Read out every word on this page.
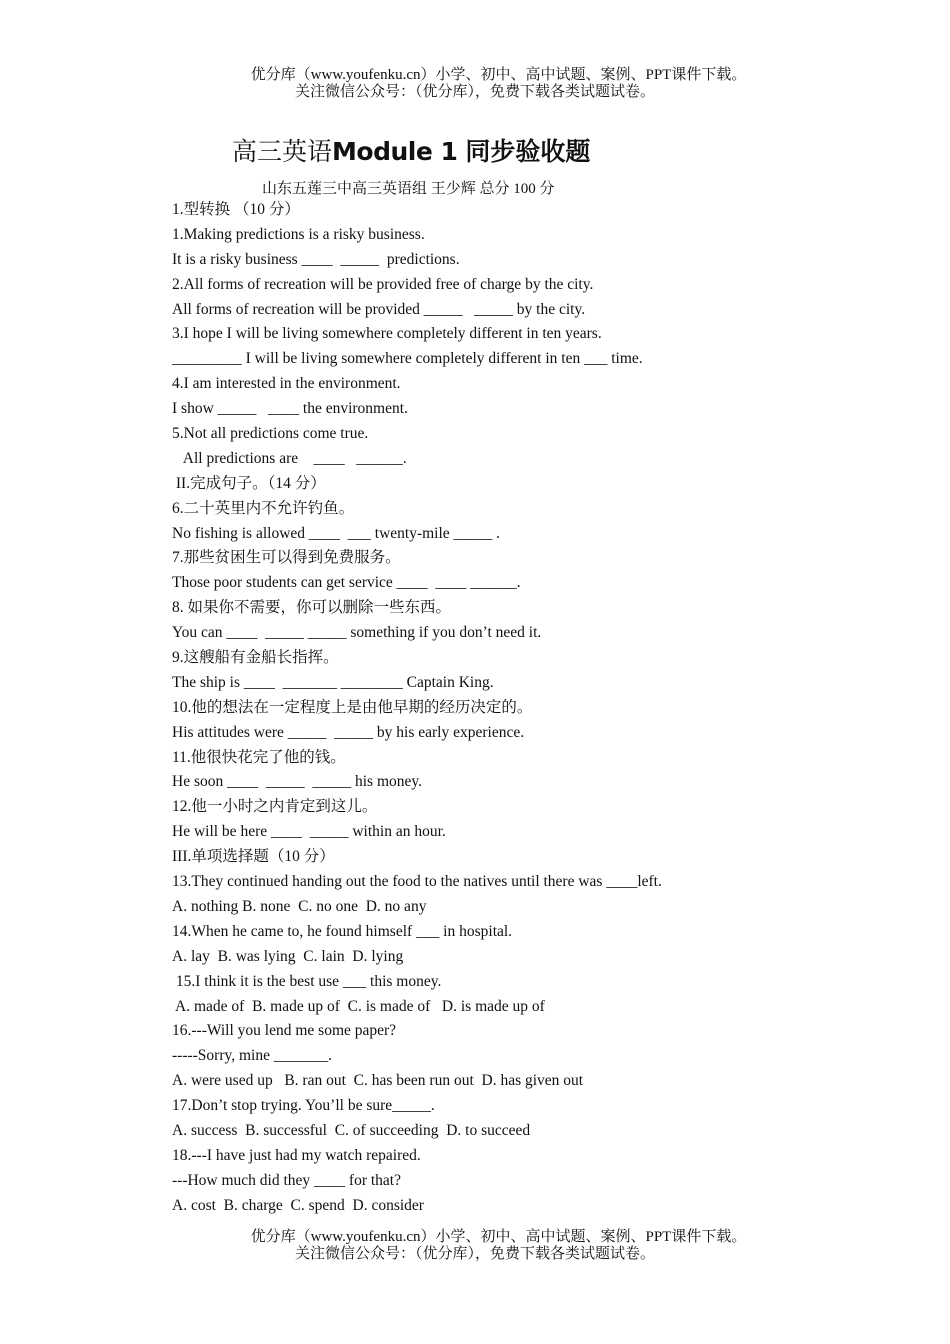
优分库（www.youfenku.cn）小学、初中、高中试题、案例、PPT课件下载。
关注微信公众号：（优分库），免费下载各类试题试卷。
高三英语Module 1 同步验收题
山东五莲三中高三英语组 王少辉 总分 100 分
1.型转换 （10 分）
1.Making predictions is a risky business.
It is a risky business ____  _____  predictions.
2.All forms of recreation will be provided free of charge by the city.
All forms of recreation will be provided _____   _____ by the city.
3.I hope I will be living somewhere completely different in ten years.
_________ I will be living somewhere completely different in ten ___ time.
4.I am interested in the environment.
I show _____   ____ the environment.
5.Not all predictions come true.
All predictions are    ____   ______.
II.完成句子。（14 分）
6.二十英里内不允许钓鱼。
No fishing is allowed ____  ___ twenty-mile _____ .
7.那些贫困生可以得到免费服务。
Those poor students can get service ____  ____ ______.
8. 如果你不需要，你可以删除一些东西。
You can ____  _____ _____ something if you don’t need it.
9.这艘船有金船长指挥。
The ship is ____  _______ ________ Captain King.
10.他的想法在一定程度上是由他早期的经历决定的。
His attitudes were _____  _____ by his early experience.
11.他很快花完了他的钱。
He soon ____  _____  _____ his money.
12.他一小时之内肯定到这儿。
He will be here ____  _____ within an hour.
III.单项选择题（10 分）
13.They continued handing out the food to the natives until there was ____left.
A. nothing B. none  C. no one  D. no any
14.When he came to, he found himself ___ in hospital.
A. lay  B. was lying  C. lain  D. lying
15.I think it is the best use ___ this money.
A. made of  B. made up of  C. is made of   D. is made up of
16.---Will you lend me some paper?
-----Sorry, mine _______.
A. were used up   B. ran out  C. has been run out  D. has given out
17.Don’t stop trying. You’ll be sure_____.
A. success  B. successful  C. of succeeding  D. to succeed
18.---I have just had my watch repaired.
---How much did they ____ for that?
A. cost  B. charge  C. spend  D. consider
优分库（www.youfenku.cn）小学、初中、高中试题、案例、PPT课件下载。
关注微信公众号：（优分库），免费下载各类试题试卷。
